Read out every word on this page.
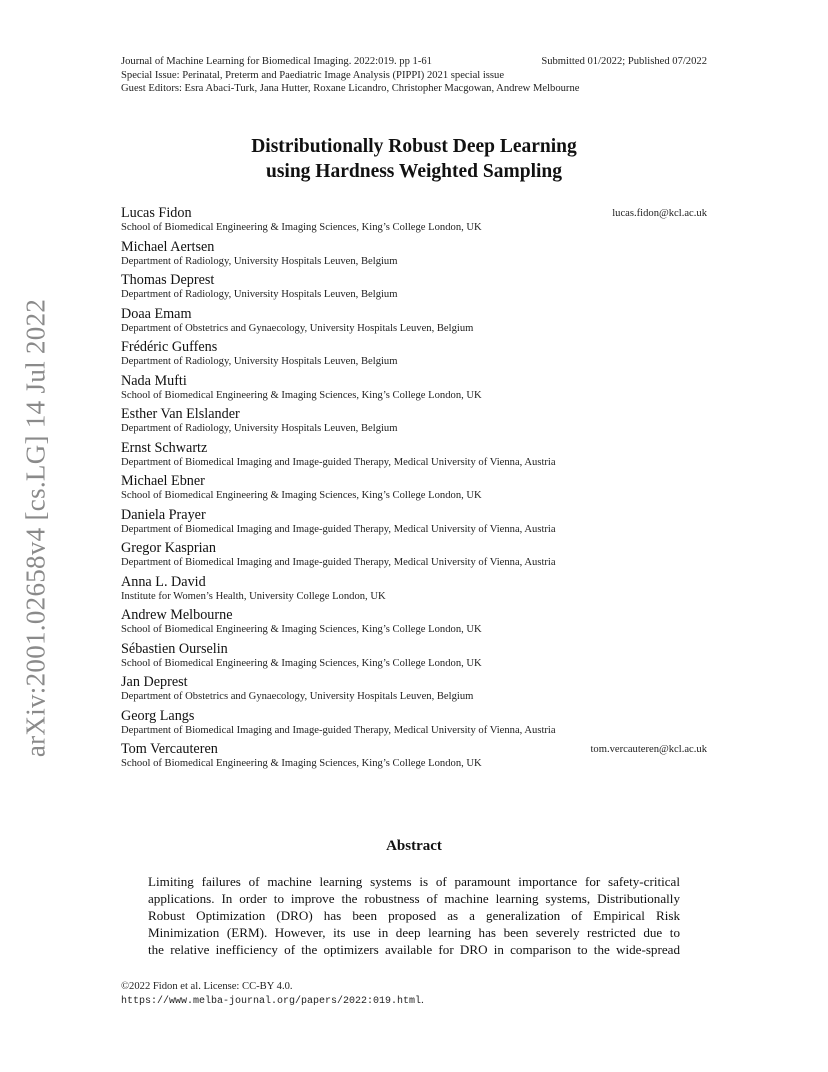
arXiv:2001.02658v4 [cs.LG] 14 Jul 2022
Journal of Machine Learning for Biomedical Imaging. 2022:019. pp 1-61	Submitted 01/2022; Published 07/2022
Special Issue: Perinatal, Preterm and Paediatric Image Analysis (PIPPI) 2021 special issue
Guest Editors: Esra Abaci-Turk, Jana Hutter, Roxane Licandro, Christopher Macgowan, Andrew Melbourne
Distributionally Robust Deep Learning
using Hardness Weighted Sampling
Lucas Fidon
School of Biomedical Engineering & Imaging Sciences, King’s College London, UK
lucas.fidon@kcl.ac.uk
Michael Aertsen
Department of Radiology, University Hospitals Leuven, Belgium
Thomas Deprest
Department of Radiology, University Hospitals Leuven, Belgium
Doaa Emam
Department of Obstetrics and Gynaecology, University Hospitals Leuven, Belgium
Frédéric Guffens
Department of Radiology, University Hospitals Leuven, Belgium
Nada Mufti
School of Biomedical Engineering & Imaging Sciences, King’s College London, UK
Esther Van Elslander
Department of Radiology, University Hospitals Leuven, Belgium
Ernst Schwartz
Department of Biomedical Imaging and Image-guided Therapy, Medical University of Vienna, Austria
Michael Ebner
School of Biomedical Engineering & Imaging Sciences, King’s College London, UK
Daniela Prayer
Department of Biomedical Imaging and Image-guided Therapy, Medical University of Vienna, Austria
Gregor Kasprian
Department of Biomedical Imaging and Image-guided Therapy, Medical University of Vienna, Austria
Anna L. David
Institute for Women’s Health, University College London, UK
Andrew Melbourne
School of Biomedical Engineering & Imaging Sciences, King’s College London, UK
Sébastien Ourselin
School of Biomedical Engineering & Imaging Sciences, King’s College London, UK
Jan Deprest
Department of Obstetrics and Gynaecology, University Hospitals Leuven, Belgium
Georg Langs
Department of Biomedical Imaging and Image-guided Therapy, Medical University of Vienna, Austria
Tom Vercauteren
School of Biomedical Engineering & Imaging Sciences, King’s College London, UK
tom.vercauteren@kcl.ac.uk
Abstract
Limiting failures of machine learning systems is of paramount importance for safety-critical
applications. In order to improve the robustness of machine learning systems, Distributionally
Robust Optimization (DRO) has been proposed as a generalization of Empirical Risk
Minimization (ERM). However, its use in deep learning has been severely restricted due to
the relative inefficiency of the optimizers available for DRO in comparison to the wide-spread
©2022 Fidon et al. License: CC-BY 4.0.
https://www.melba-journal.org/papers/2022:019.html.
